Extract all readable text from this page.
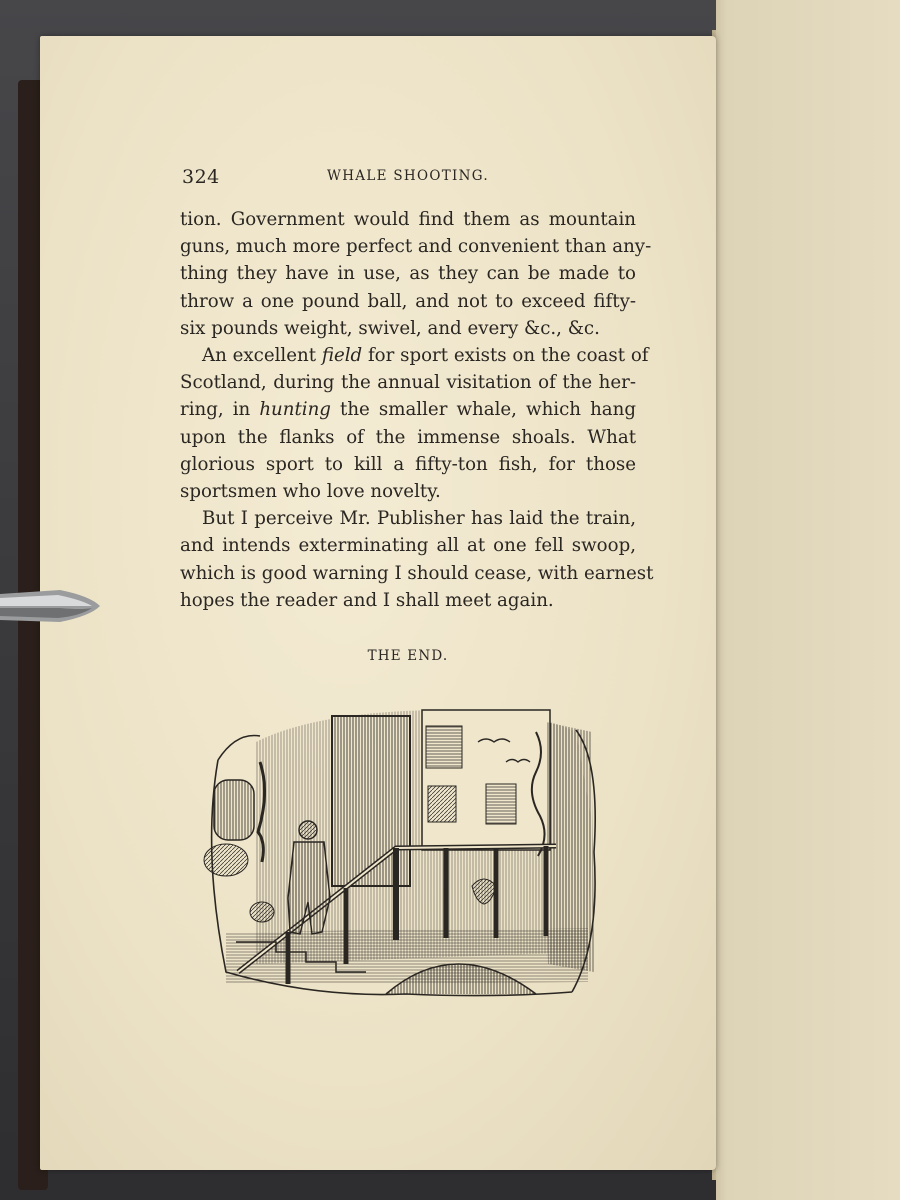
324	WHALE SHOOTING.
tion. Government would find them as mountain
guns, much more perfect and convenient than any-
thing they have in use, as they can be made to
throw a one pound ball, and not to exceed fifty-
six pounds weight, swivel, and every &c., &c.
An excellent field for sport exists on the coast of
Scotland, during the annual visitation of the her-
ring, in hunting the smaller whale, which hang
upon the flanks of the immense shoals. What
glorious sport to kill a fifty-ton fish, for those
sportsmen who love novelty.
But I perceive Mr. Publisher has laid the train,
and intends exterminating all at one fell swoop,
which is good warning I should cease, with earnest
hopes the reader and I shall meet again.
THE END.
